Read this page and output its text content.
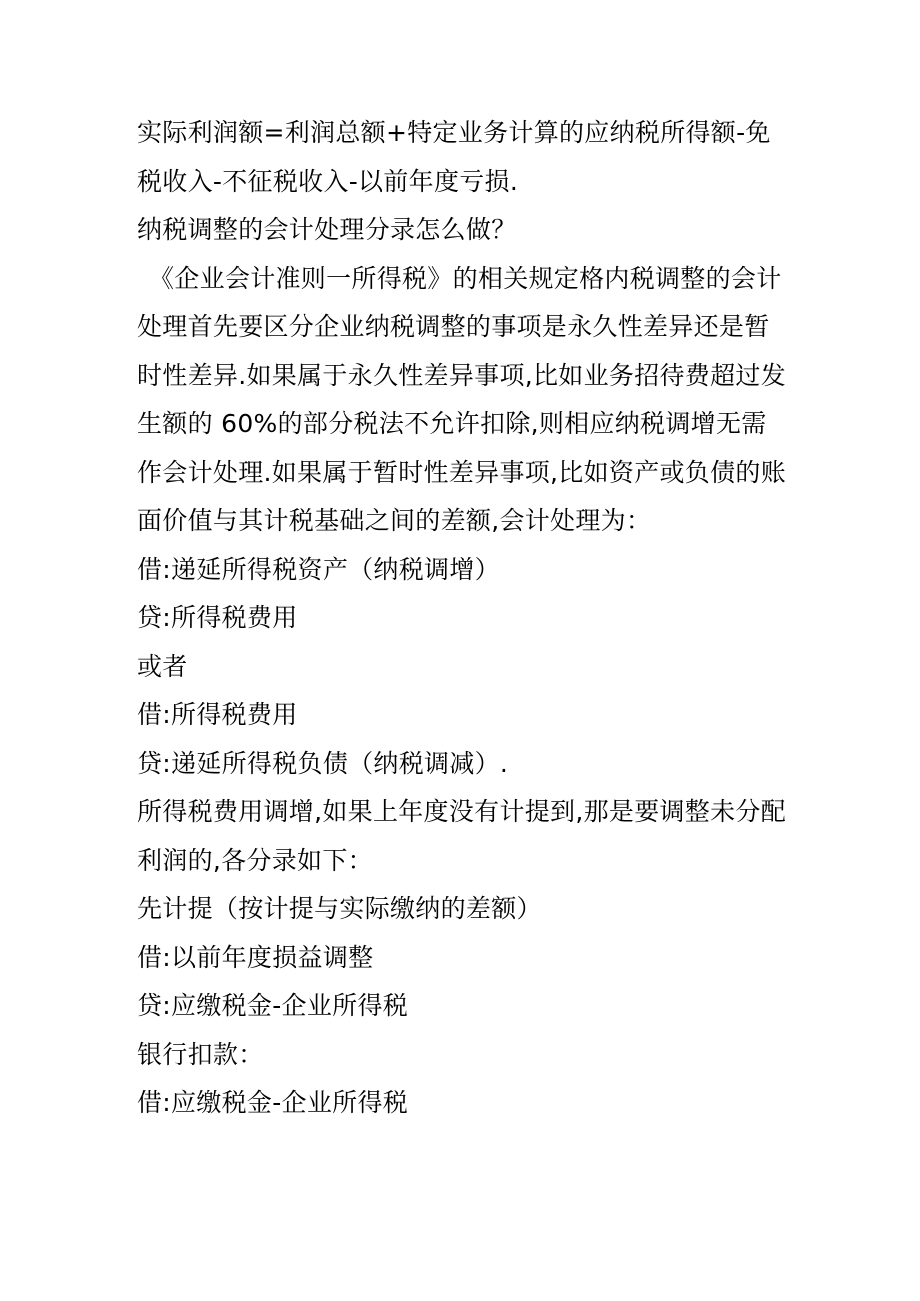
实际利润额=利润总额+特定业务计算的应纳税所得额-免税收入-不征税收入-以前年度亏损.

纳税调整的会计处理分录怎么做？

《企业会计准则一所得税》的相关规定格内税调整的会计处理首先要区分企业纳税调整的事项是永久性差异还是暂时性差异.如果属于永久性差异事项,比如业务招待费超过发生额的 60%的部分税法不允许扣除,则相应纳税调增无需作会计处理.如果属于暂时性差异事项,比如资产或负债的账面价值与其计税基础之间的差额,会计处理为：

借:递延所得税资产（纳税调增）

贷:所得税费用

或者

借:所得税费用

贷:递延所得税负债（纳税调减）.

所得税费用调增,如果上年度没有计提到,那是要调整未分配利润的,各分录如下：

先计提（按计提与实际缴纳的差额）

借:以前年度损益调整

贷:应缴税金-企业所得税

银行扣款：

借:应缴税金-企业所得税
